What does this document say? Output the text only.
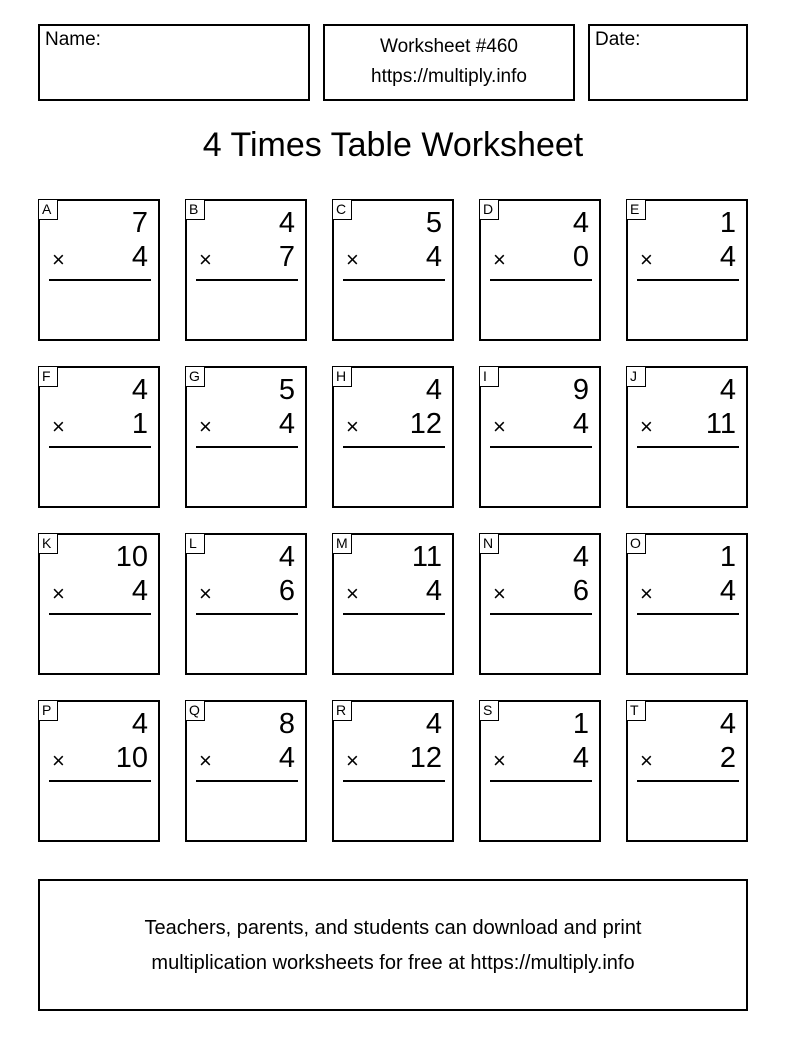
Name:	Worksheet #460
https://multiply.info
Date:
4 Times Table Worksheet
A	7
× 4
B	4
× 7
C	5
× 4
D	4
× 0
E	1
× 4
F	4
× 1
G	5
× 4
H	4
× 12
I	9
× 4
J	4
× 11
K 10
× 4
L	4
× 6
M 11
× 4
N	4
× 6
O	1
× 4
P	4
× 10
Q	8
× 4
R	4
× 12
S	1
× 4
T	4
× 2
Teachers, parents, and students can download and print
multiplication worksheets for free at https://multiply.info
